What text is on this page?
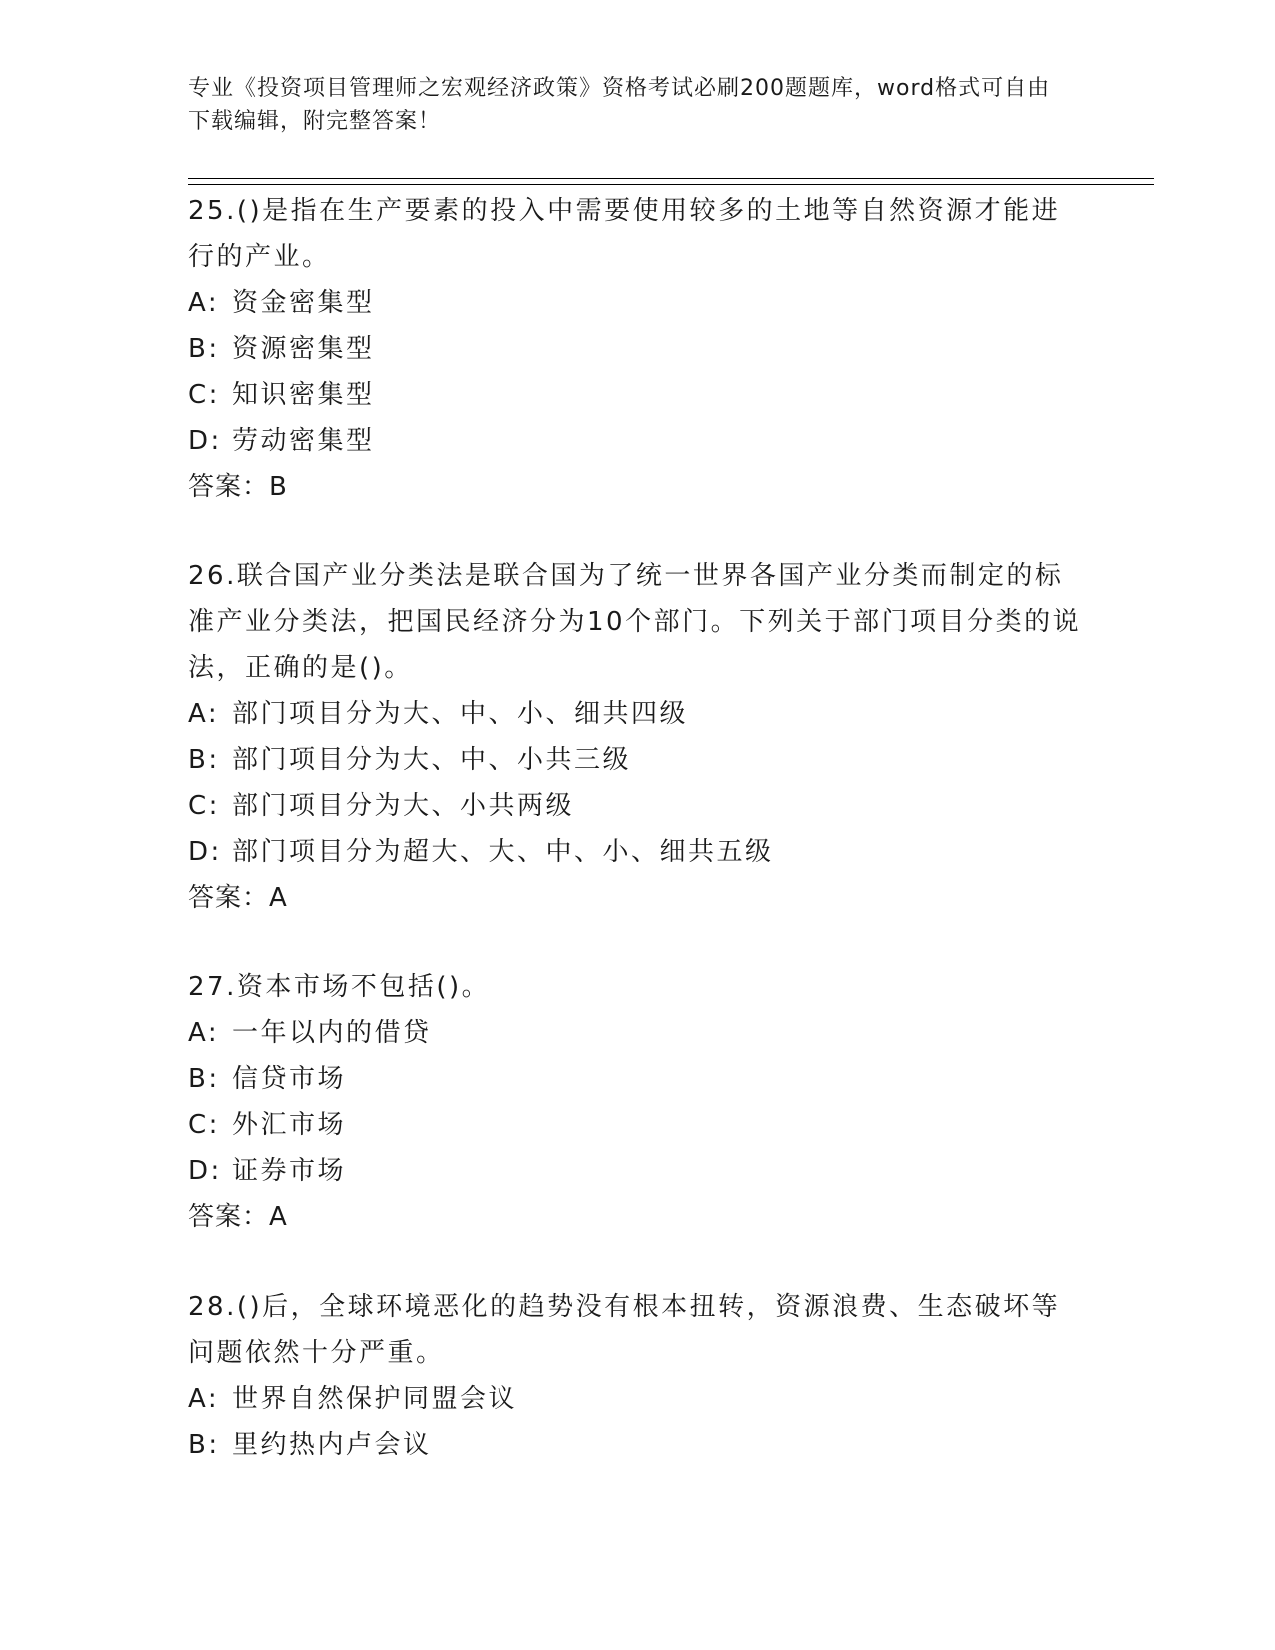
专业《投资项目管理师之宏观经济政策》资格考试必刷200题题库，word格式可自由下载编辑，附完整答案！

25.()是指在生产要素的投入中需要使用较多的土地等自然资源才能进行的产业。

A: 资金密集型

B: 资源密集型

C: 知识密集型

D: 劳动密集型

答案：B

26.联合国产业分类法是联合国为了统一世界各国产业分类而制定的标准产业分类法，把国民经济分为10个部门。下列关于部门项目分类的说法，正确的是()。

A: 部门项目分为大、中、小、细共四级

B: 部门项目分为大、中、小共三级

C: 部门项目分为大、小共两级

D: 部门项目分为超大、大、中、小、细共五级

答案：A

27.资本市场不包括()。

A: 一年以内的借贷

B: 信贷市场

C: 外汇市场

D: 证券市场

答案：A

28.()后，全球环境恶化的趋势没有根本扭转，资源浪费、生态破坏等问题依然十分严重。

A: 世界自然保护同盟会议

B: 里约热内卢会议
